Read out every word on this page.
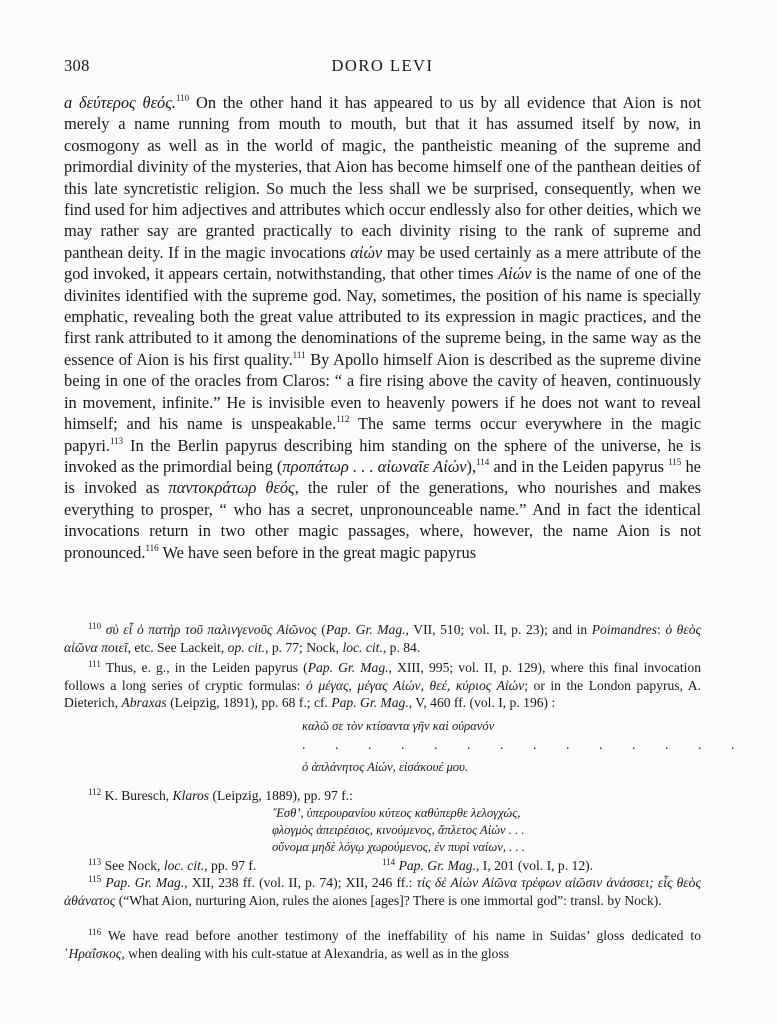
308	DORO LEVI

a δεύτερος θεός.$^{110}$ On the other hand it has appeared to us by all evidence that Aion is not merely a name running from mouth to mouth, but that it has assumed itself by now, in cosmogony as well as in the world of magic, the pantheistic meaning of the supreme and primordial divinity of the mysteries, that Aion has become himself one of the panthean deities of this late syncretistic religion. So much the less shall we be surprised, consequently, when we find used for him adjectives and attributes which occur endlessly also for other deities, which we may rather say are granted practically to each divinity rising to the rank of supreme and panthean deity. If in the magic invocations αἰών may be used certainly as a mere attribute of the god invoked, it appears certain, notwithstanding, that other times Αἰών is the name of one of the divinites identified with the supreme god. Nay, sometimes, the position of his name is specially emphatic, revealing both the great value attributed to its expression in magic practices, and the first rank attributed to it among the denominations of the supreme being, in the same way as the essence of Aion is his first quality.$^{111}$ By Apollo himself Aion is described as the supreme divine being in one of the oracles from Claros: “ a fire rising above the cavity of heaven, continuously in movement, infinite.” He is invisible even to heavenly powers if he does not want to reveal himself; and his name is unspeakable.$^{112}$ The same terms occur everywhere in the magic papyri.$^{113}$ In the Berlin papyrus describing him standing on the sphere of the universe, he is invoked as the primordial being (προπάτωρ . . . αἰωναῖε Αἰών),$^{114}$ and in the Leiden papyrus $^{115}$ he is invoked as παντοκράτωρ θεός, the ruler of the generations, who nourishes and makes everything to prosper, “ who has a secret, unpronounceable name.” And in fact the identical invocations return in two other magic passages, where, however, the name Aion is not pronounced.$^{116}$ We have seen before in the great magic papyrus

$^{110}$ σὺ εἶ ὁ πατὴρ τοῦ παλινγενοῦς Αἰῶνος (Pap. Gr. Mag., VII, 510; vol. II, p. 23); and in Poimandres: ὁ θεὸς αἰῶνα ποιεῖ, etc. See Lackeit, op. cit., p. 77; Nock, loc. cit., p. 84.

$^{111}$ Thus, e. g., in the Leiden papyrus (Pap. Gr. Mag., XIII, 995; vol. II, p. 129), where this final invocation follows a long series of cryptic formulas: ὁ μέγας, μέγας Αἰών, θεέ, κύριος Αἰών; or in the London papyrus, A. Dieterich, Abraxas (Leipzig, 1891), pp. 68 f.; cf. Pap. Gr. Mag., V, 460 ff. (vol. I, p. 196) :

καλῶ σε τὸν κτίσαντα γῆν καὶ οὐρανόν
. . . . . . . . . . . . . .
ὁ ἀπλάνητος Αἰών, εἰσάκουέ μου.

$^{112}$ K. Buresch, Klaros (Leipzig, 1889), pp. 97 f.:

῎Εσθ’, ὑπερουρανίου κύτεος καθύπερθε λελογχώς,
φλογμὸς ἀπειρέσιος, κινούμενος, ἄπλετος Αἰών . . .
οὔνομα μηδὲ λόγῳ χωρούμενος, ἐν πυρὶ ναίων, . . .
$^{113}$ See Nock, loc. cit., pp. 97 f.	$^{114}$ Pap. Gr. Mag., I, 201 (vol. I, p. 12).

$^{115}$ Pap. Gr. Mag., XII, 238 ff. (vol. II, p. 74); XII, 246 ff.: τίς δὲ Αἰὼν Αἰῶνα τρέφων αἰῶσιν ἀνάσσει; εἷς θεὸς ἀθάνατος (“What Aion, nurturing Aion, rules the aiones [ages]? There is one immortal god”: transl. by Nock).

$^{116}$ We have read before another testimony of the ineffability of his name in Suidas’ gloss dedicated to ῾Ηραΐσκος, when dealing with his cult-statue at Alexandria, as well as in the gloss
